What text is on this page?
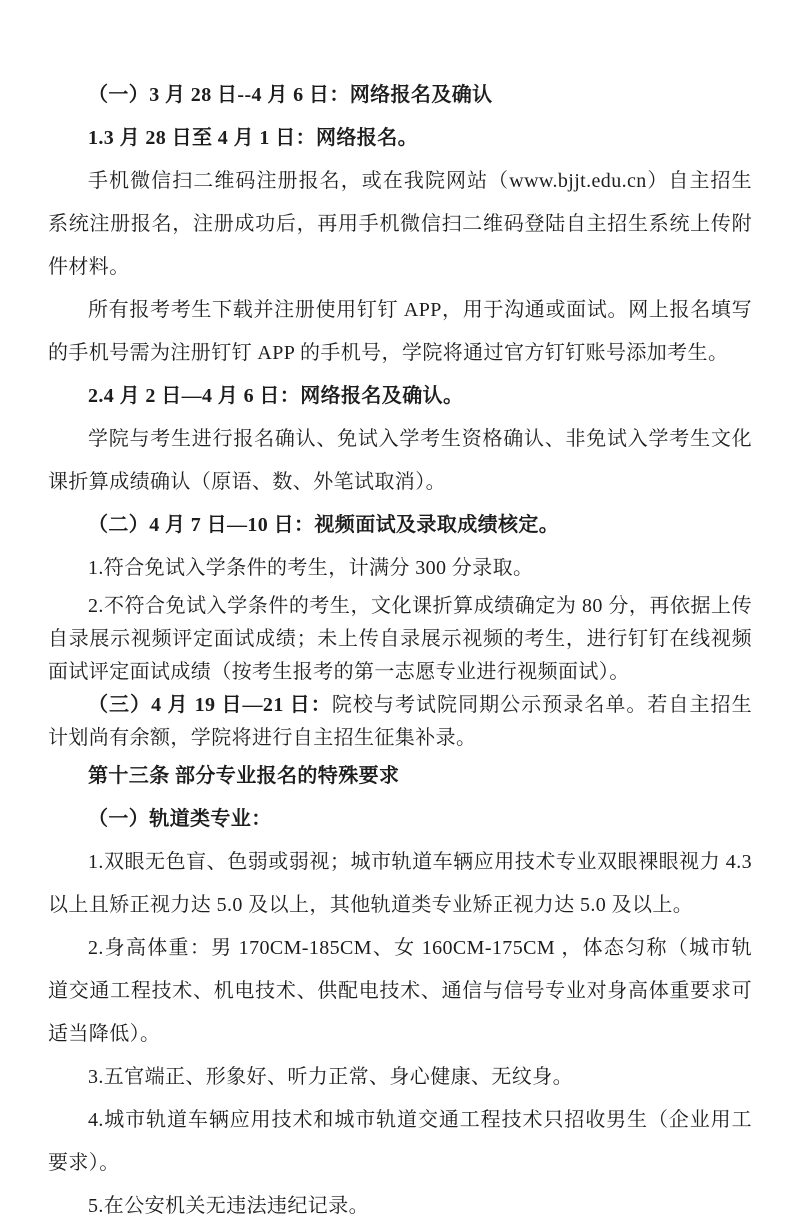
（一）3 月 28 日--4 月 6 日：网络报名及确认

1.3 月 28 日至 4 月 1 日：网络报名。

手机微信扫二维码注册报名，或在我院网站（www.bjjt.edu.cn）自主招生系统注册报名，注册成功后，再用手机微信扫二维码登陆自主招生系统上传附件材料。

所有报考考生下载并注册使用钉钉 APP，用于沟通或面试。网上报名填写的手机号需为注册钉钉 APP 的手机号，学院将通过官方钉钉账号添加考生。

2.4 月 2 日—4 月 6 日：网络报名及确认。

学院与考生进行报名确认、免试入学考生资格确认、非免试入学考生文化课折算成绩确认（原语、数、外笔试取消）。

（二）4 月 7 日—10 日：视频面试及录取成绩核定。

1.符合免试入学条件的考生，计满分 300 分录取。

2.不符合免试入学条件的考生，文化课折算成绩确定为 80 分，再依据上传自录展示视频评定面试成绩；未上传自录展示视频的考生，进行钉钉在线视频面试评定面试成绩（按考生报考的第一志愿专业进行视频面试）。

（三）4 月 19 日—21 日：院校与考试院同期公示预录名单。若自主招生计划尚有余额，学院将进行自主招生征集补录。

第十三条 部分专业报名的特殊要求

（一）轨道类专业：

1.双眼无色盲、色弱或弱视；城市轨道车辆应用技术专业双眼裸眼视力 4.3 以上且矫正视力达 5.0 及以上，其他轨道类专业矫正视力达 5.0 及以上。

2.身高体重：男 170CM-185CM、女 160CM-175CM ，体态匀称（城市轨道交通工程技术、机电技术、供配电技术、通信与信号专业对身高体重要求可适当降低）。

3.五官端正、形象好、听力正常、身心健康、无纹身。

4.城市轨道车辆应用技术和城市轨道交通工程技术只招收男生（企业用工要求）。

5.在公安机关无违法违纪记录。
